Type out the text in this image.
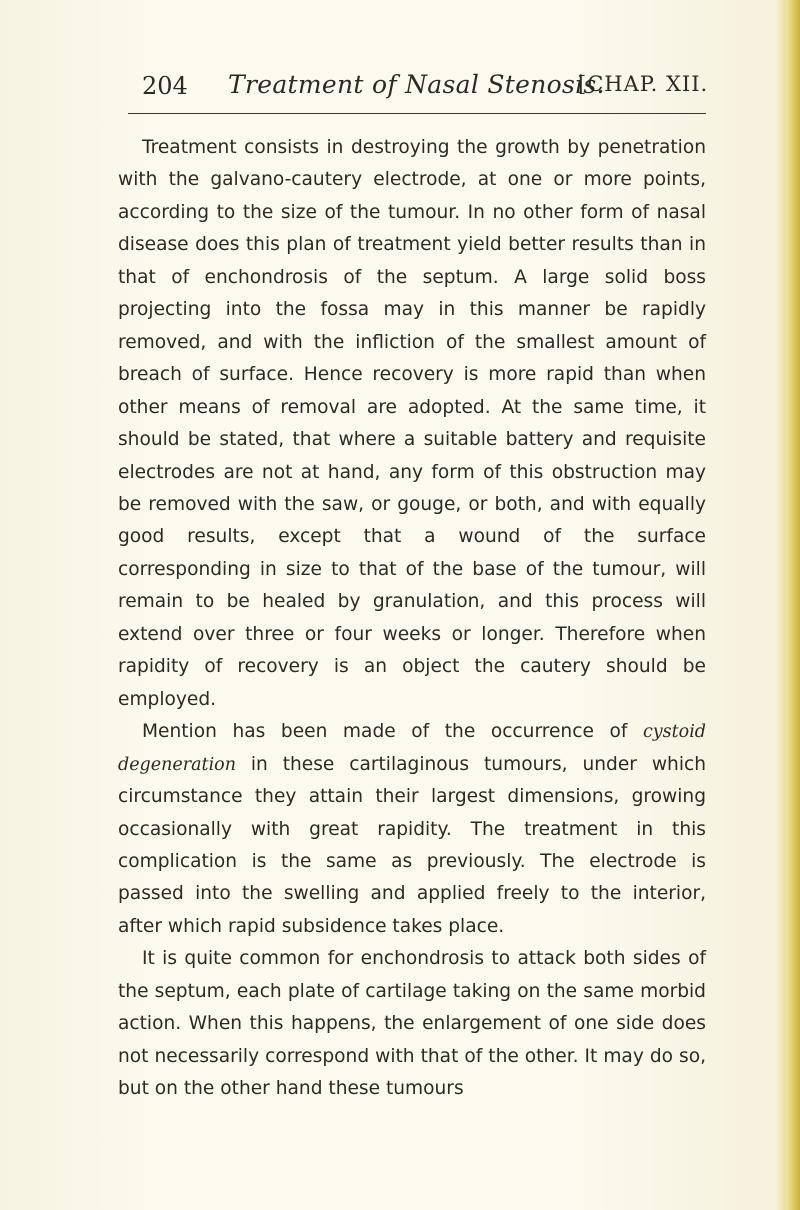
204 Treatment of Nasal Stenosis.
[CHAP. XII.

Treatment consists in destroying the growth by penetration with the galvano-cautery electrode, at one or more points, according to the size of the tumour. In no other form of nasal disease does this plan of treatment yield better results than in that of enchondrosis of the septum. A large solid boss projecting into the fossa may in this manner be rapidly removed, and with the infliction of the smallest amount of breach of surface. Hence recovery is more rapid than when other means of removal are adopted. At the same time, it should be stated, that where a suitable battery and requisite electrodes are not at hand, any form of this obstruction may be removed with the saw, or gouge, or both, and with equally good results, except that a wound of the surface corresponding in size to that of the base of the tumour, will remain to be healed by granulation, and this process will extend over three or four weeks or longer. Therefore when rapidity of recovery is an object the cautery should be employed.

Mention has been made of the occurrence of cystoid degeneration in these cartilaginous tumours, under which circumstance they attain their largest dimensions, growing occasionally with great rapidity. The treatment in this complication is the same as previously. The electrode is passed into the swelling and applied freely to the interior, after which rapid subsidence takes place.

It is quite common for enchondrosis to attack both sides of the septum, each plate of cartilage taking on the same morbid action. When this happens, the enlargement of one side does not necessarily correspond with that of the other. It may do so, but on the other hand these tumours
